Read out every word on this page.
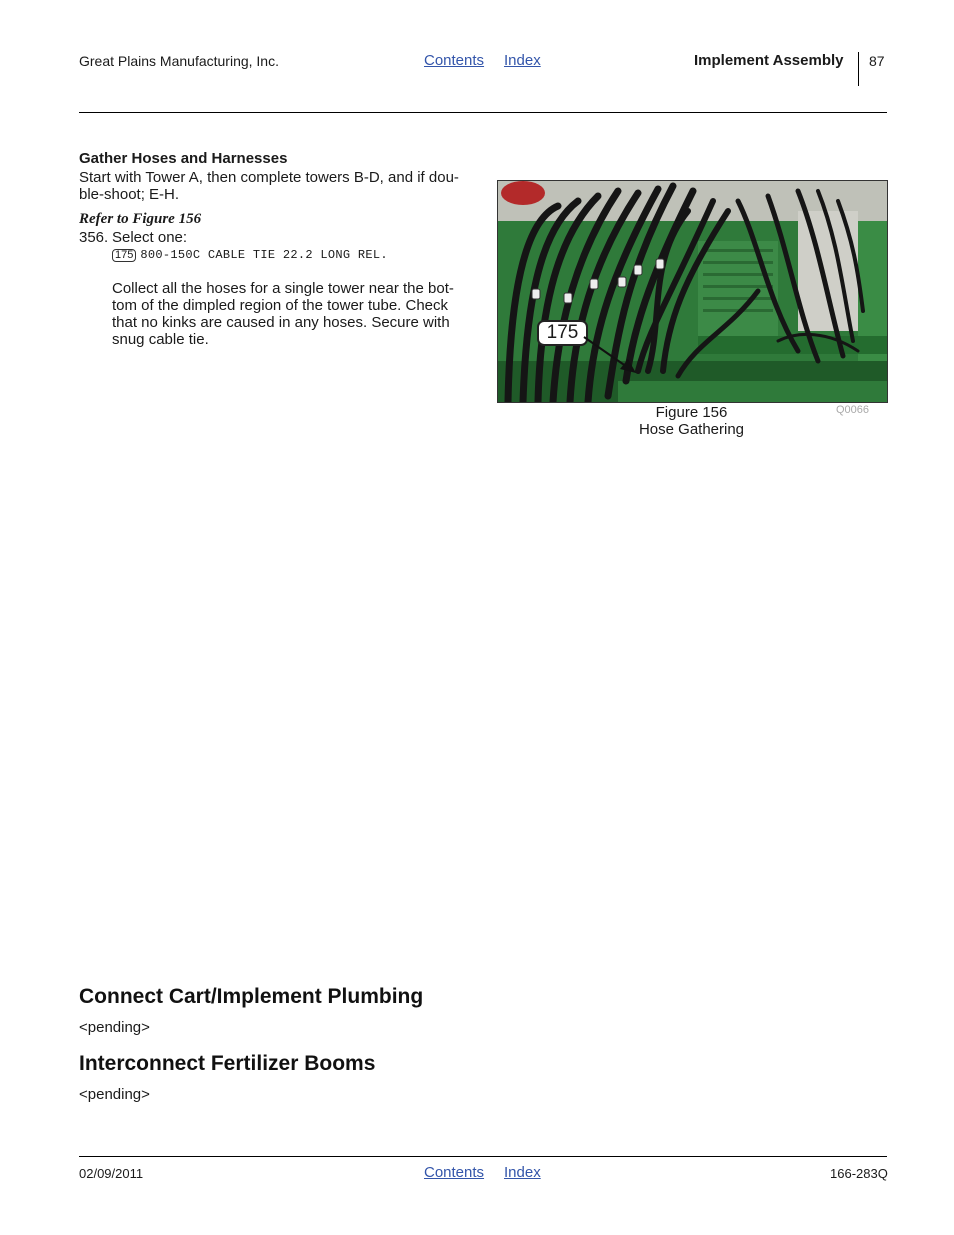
Great Plains Manufacturing, Inc.	Contents Index	Implement Assembly 87
Gather Hoses and Harnesses
Start with Tower A, then complete towers B-D, and if dou-
ble-shoot; E-H.
Refer to Figure 156
356. Select one:
175 800-150C CABLE TIE 22.2 LONG REL.
Collect all the hoses for a single tower near the bot-
tom of the dimpled region of the tower tube. Check
that no kinks are caused in any hoses. Secure with
snug cable tie.	175
Figure 156
Hose Gathering
Q0066
Connect Cart/Implement Plumbing
<pending>
Interconnect Fertilizer Booms
<pending>
02/09/2011	Contents Index	166-283Q
